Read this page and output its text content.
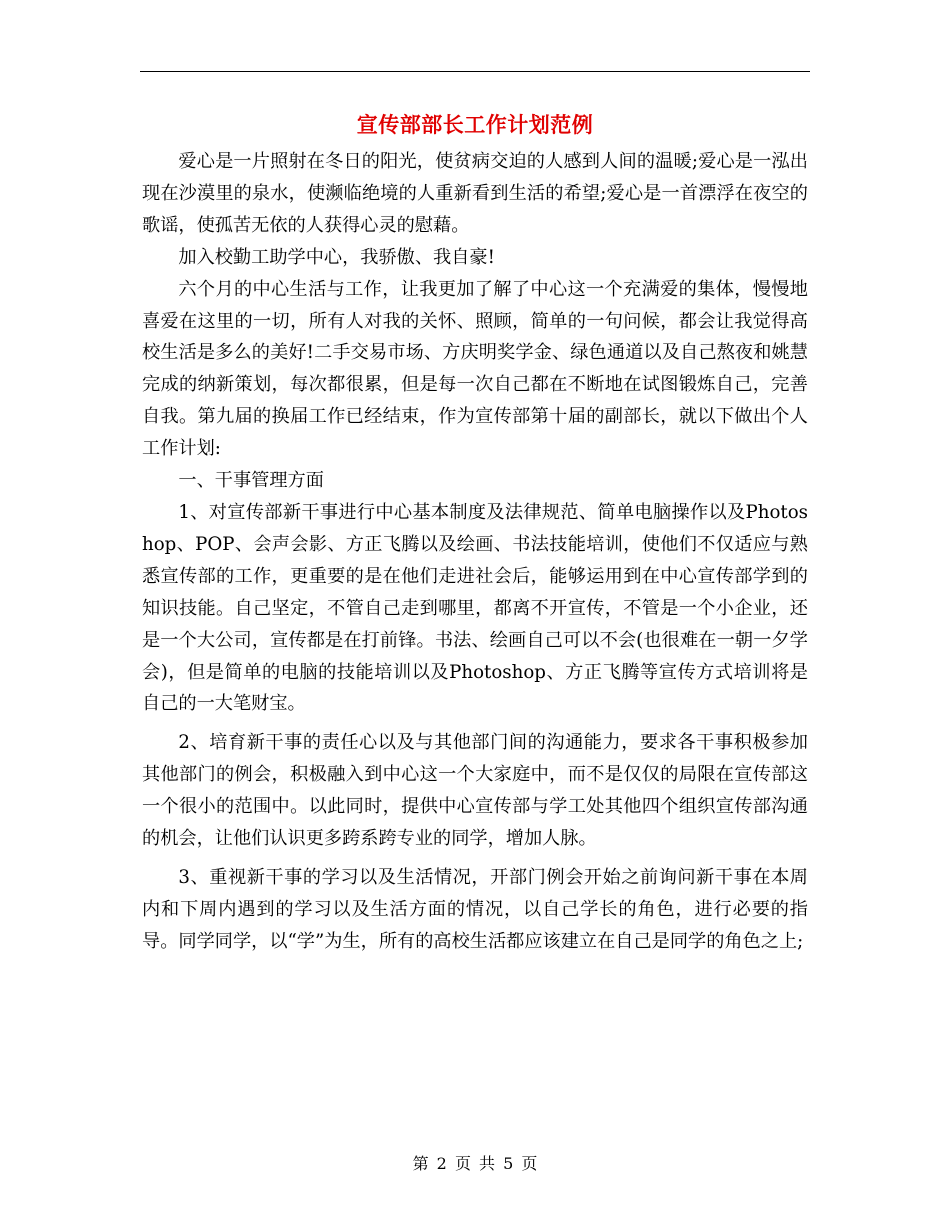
宣传部部长工作计划范例

爱心是一片照射在冬日的阳光，使贫病交迫的人感到人间的温暖;爱心是一泓出现在沙漠里的泉水，使濒临绝境的人重新看到生活的希望;爱心是一首漂浮在夜空的歌谣，使孤苦无依的人获得心灵的慰藉。

加入校勤工助学中心，我骄傲、我自豪!

六个月的中心生活与工作，让我更加了解了中心这一个充满爱的集体，慢慢地喜爱在这里的一切，所有人对我的关怀、照顾，简单的一句问候，都会让我觉得高校生活是多么的美好!二手交易市场、方庆明奖学金、绿色通道以及自己熬夜和姚慧完成的纳新策划，每次都很累，但是每一次自己都在不断地在试图锻炼自己，完善自我。第九届的换届工作已经结束，作为宣传部第十届的副部长，就以下做出个人工作计划:

一、干事管理方面

1、对宣传部新干事进行中心基本制度及法律规范、简单电脑操作以及Photoshop、POP、会声会影、方正飞腾以及绘画、书法技能培训，使他们不仅适应与熟悉宣传部的工作，更重要的是在他们走进社会后，能够运用到在中心宣传部学到的知识技能。自己坚定，不管自己走到哪里，都离不开宣传，不管是一个小企业，还是一个大公司，宣传都是在打前锋。书法、绘画自己可以不会(也很难在一朝一夕学会)，但是简单的电脑的技能培训以及Photoshop、方正飞腾等宣传方式培训将是自己的一大笔财宝。

2、培育新干事的责任心以及与其他部门间的沟通能力，要求各干事积极参加其他部门的例会，积极融入到中心这一个大家庭中，而不是仅仅的局限在宣传部这一个很小的范围中。以此同时，提供中心宣传部与学工处其他四个组织宣传部沟通的机会，让他们认识更多跨系跨专业的同学，增加人脉。

3、重视新干事的学习以及生活情况，开部门例会开始之前询问新干事在本周内和下周内遇到的学习以及生活方面的情况，以自己学长的角色，进行必要的指导。同学同学，以“学”为生，所有的高校生活都应该建立在自己是同学的角色之上;

第 2 页 共 5 页
